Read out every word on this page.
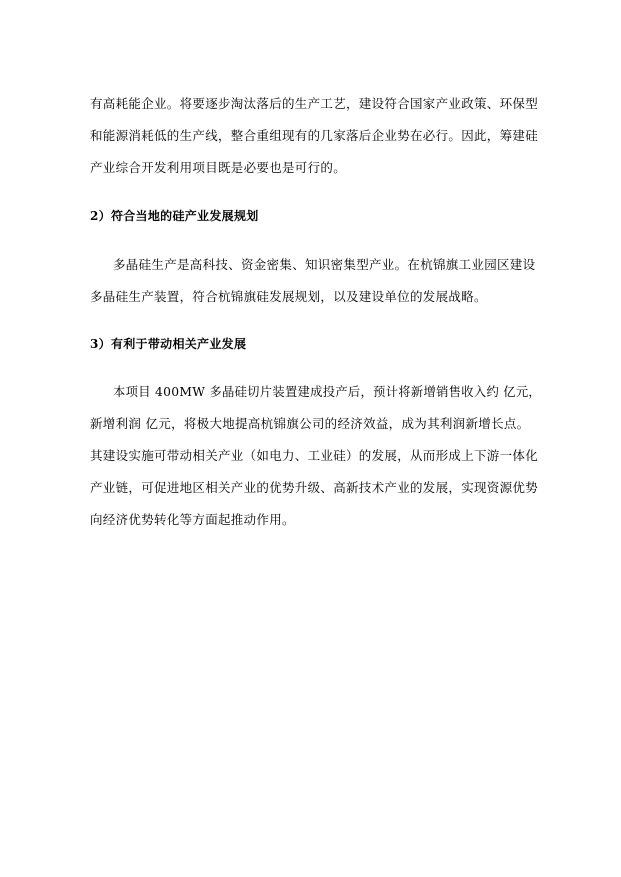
有高耗能企业。将要逐步淘汰落后的生产工艺，建设符合国家产业政策、环保型
和能源消耗低的生产线，整合重组现有的几家落后企业势在必行。因此，筹建硅
产业综合开发利用项目既是必要也是可行的。
2）符合当地的硅产业发展规划
多晶硅生产是高科技、资金密集、知识密集型产业。在杭锦旗工业园区建设
多晶硅生产装置，符合杭锦旗硅发展规划，以及建设单位的发展战略。
3）有利于带动相关产业发展
本项目 400MW 多晶硅切片装置建成投产后，预计将新增销售收入约 亿元，
新增利润 亿元，将极大地提高杭锦旗公司的经济效益，成为其利润新增长点。
其建设实施可带动相关产业（如电力、工业硅）的发展，从而形成上下游一体化
产业链，可促进地区相关产业的优势升级、高新技术产业的发展，实现资源优势
向经济优势转化等方面起推动作用。
